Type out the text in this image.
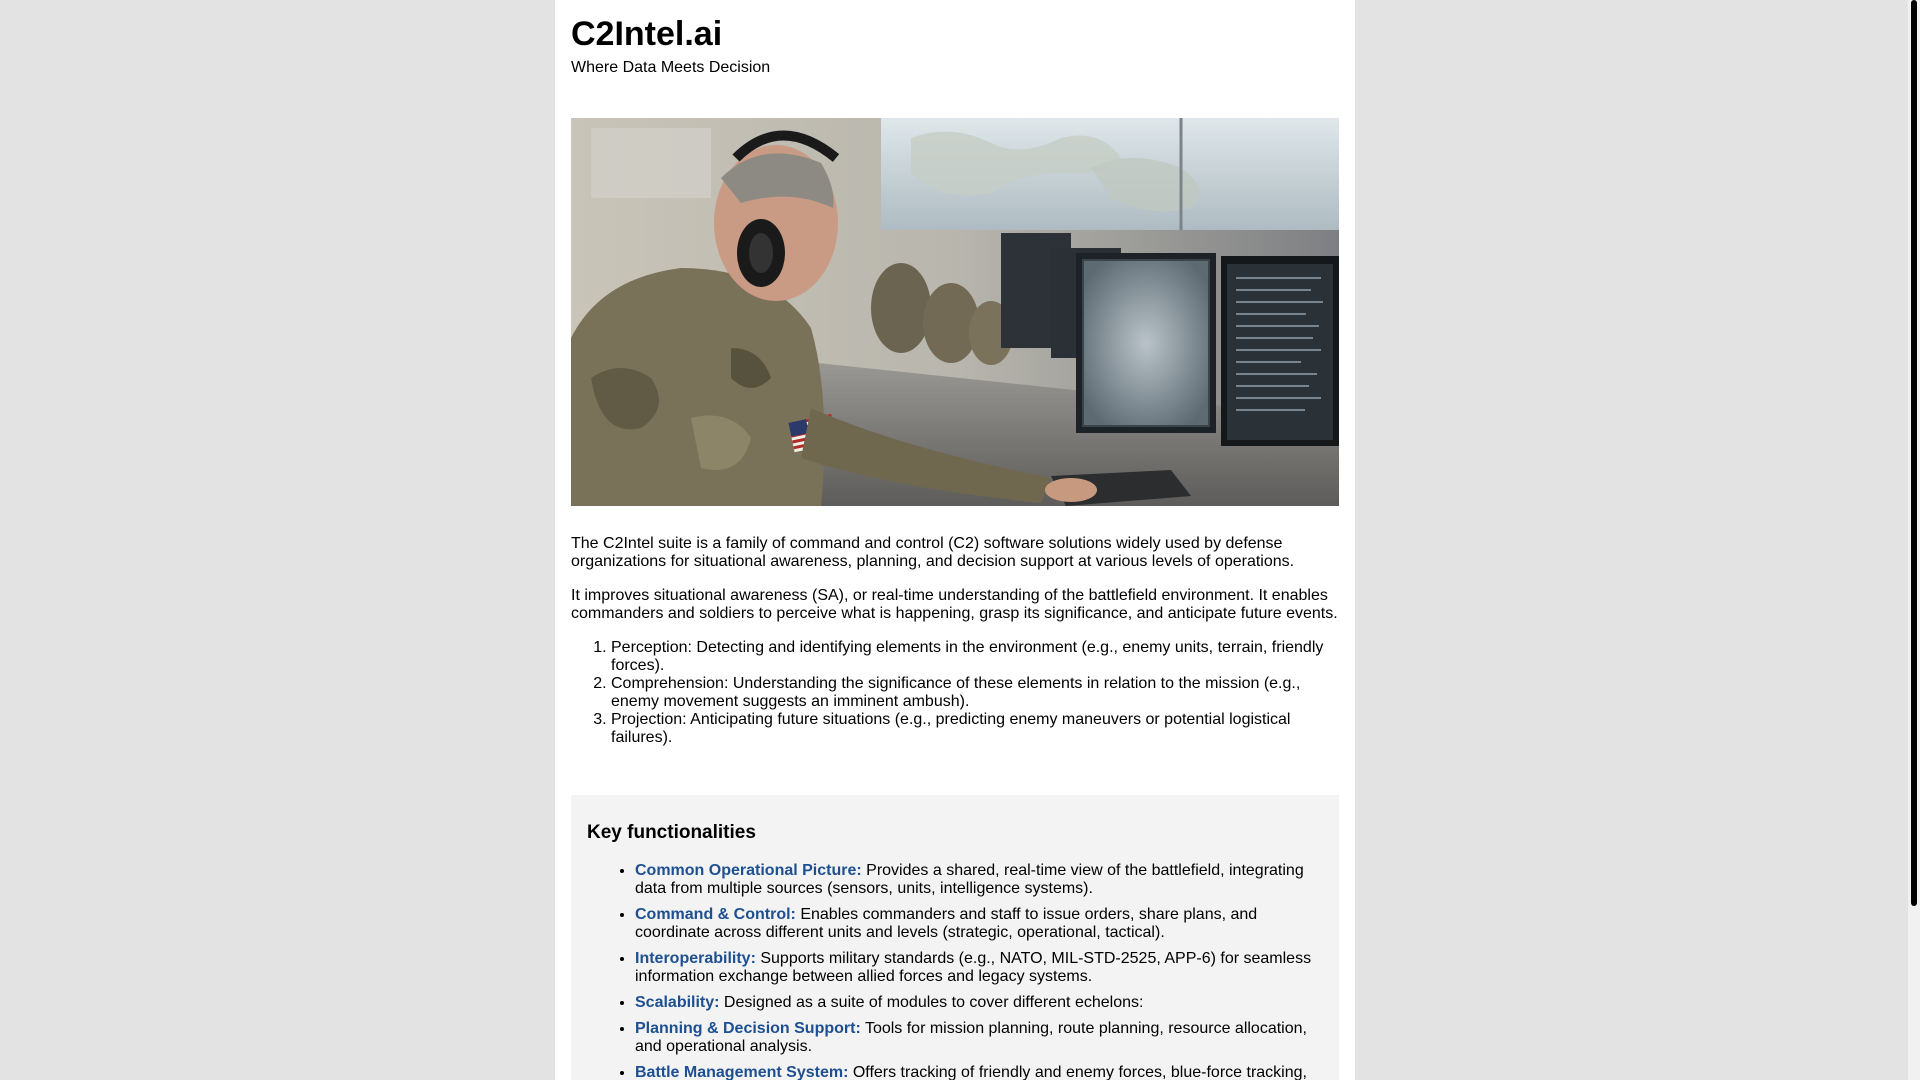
C2Intel.ai
Where Data Meets Decision

The C2Intel suite is a family of command and control (C2) software solutions widely used by defense organizations for situational awareness, planning, and decision support at various levels of operations.

It improves situational awareness (SA), or real-time understanding of the battlefield environment. It enables commanders and soldiers to perceive what is happening, grasp its significance, and anticipate future events.

1. Perception: Detecting and identifying elements in the environment (e.g., enemy units, terrain, friendly forces).
2. Comprehension: Understanding the significance of these elements in relation to the mission (e.g., enemy movement suggests an imminent ambush).
3. Projection: Anticipating future situations (e.g., predicting enemy maneuvers or potential logistical failures).
Key functionalities
• Common Operational Picture: Provides a shared, real-time view of the battlefield, integrating data from multiple sources (sensors, units, intelligence systems).
• Command & Control: Enables commanders and staff to issue orders, share plans, and coordinate across different units and levels (strategic, operational, tactical).
• Interoperability: Supports military standards (e.g., NATO, MIL-STD-2525, APP-6) for seamless information exchange between allied forces and legacy systems.
• Scalability: Designed as a suite of modules to cover different echelons:
• Planning & Decision Support: Tools for mission planning, route planning, resource allocation, and operational analysis.
• Battle Management System: Offers tracking of friendly and enemy forces, blue-force tracking,
